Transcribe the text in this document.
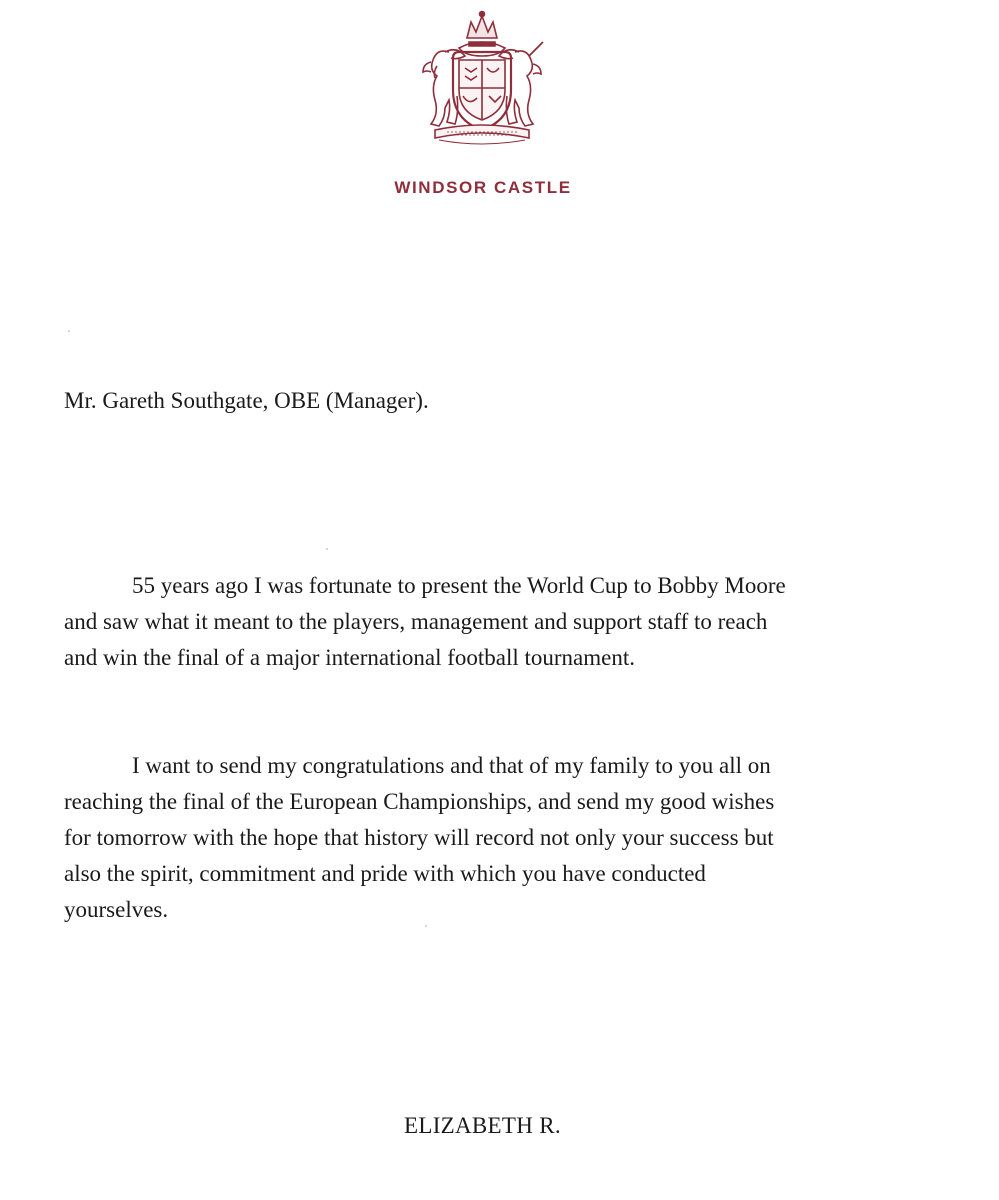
WINDSOR CASTLE
Mr. Gareth Southgate, OBE (Manager).
55 years ago I was fortunate to present the World Cup to Bobby Moore
and saw what it meant to the players, management and support staff to reach
and win the final of a major international football tournament.
I want to send my congratulations and that of my family to you all on
reaching the final of the European Championships, and send my good wishes
for tomorrow with the hope that history will record not only your success but
also the spirit, commitment and pride with which you have conducted
yourselves.
ELIZABETH R.
